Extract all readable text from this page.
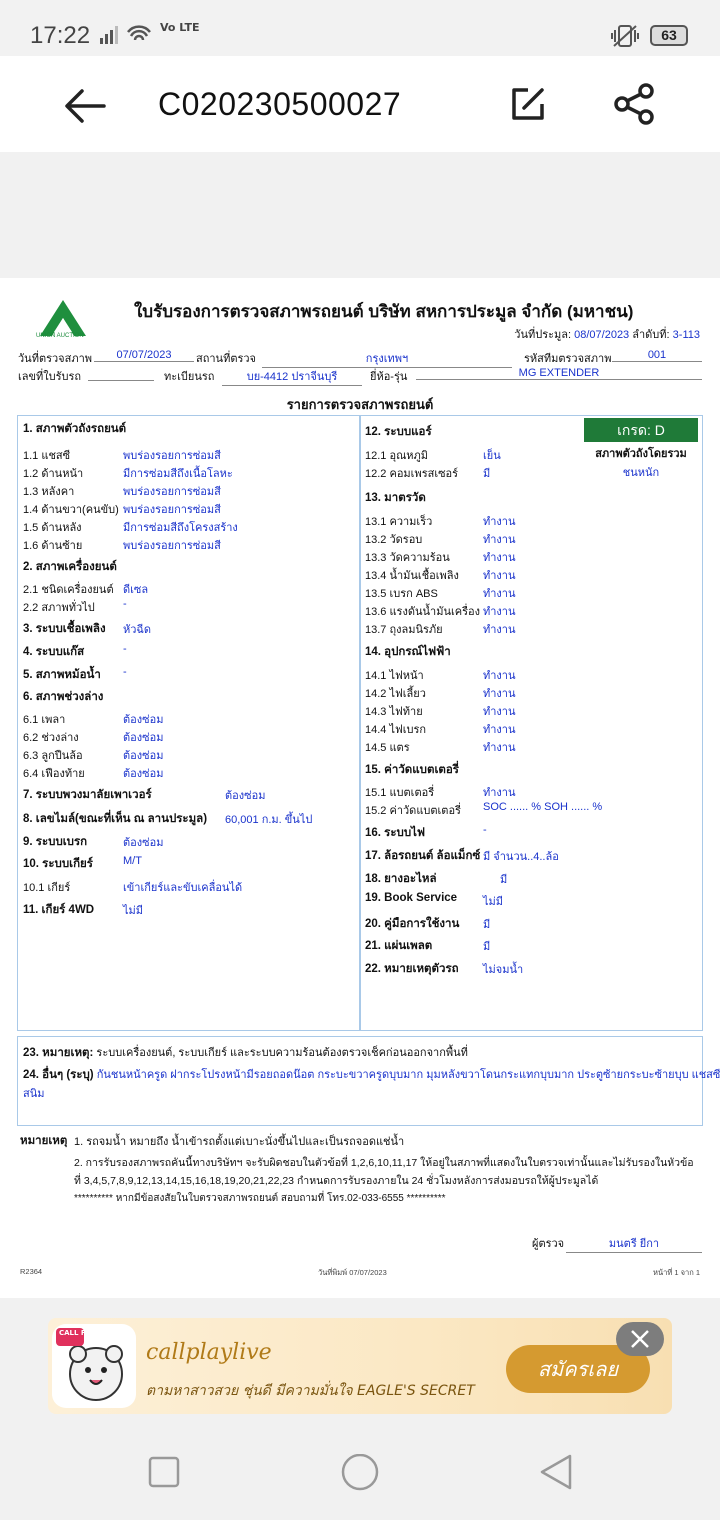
17:22	Vo LTE	63
C020230500027
UNION AUCTION
ใบรับรองการตรวจสภาพรถยนต์ บริษัท สหการประมูล จำกัด (มหาชน)
วันที่ประมูล: 08/07/2023 ลำดับที่: 3-113
วันที่ตรวจสภาพ	07/07/2023	สถานที่ตรวจ	กรุงเทพฯ	รหัสทีมตรวจสภาพ	001
เลขที่ใบรับรถ	ทะเบียนรถ	บย-4412 ปราจีนบุรี	ยี่ห้อ-รุ่น	MG EXTENDER
รายการตรวจสภาพรถยนต์
1. สภาพตัวถังรถยนต์
1.1 แชสซี	พบร่องรอยการซ่อมสี
1.2 ด้านหน้า	มีการซ่อมสีถึงเนื้อโลหะ
1.3 หลังคา	พบร่องรอยการซ่อมสี
1.4 ด้านขวา(คนขับ) พบร่องรอยการซ่อมสี
1.5 ด้านหลัง	มีการซ่อมสีถึงโครงสร้าง
1.6 ด้านซ้าย	พบร่องรอยการซ่อมสี
2. สภาพเครื่องยนต์
2.1 ชนิดเครื่องยนต์ ดีเซล
2.2 สภาพทั่วไป	-
3. ระบบเชื้อเพลิง หัวฉีด
4. ระบบแก๊ส	-
5. สภาพหม้อน้ำ -
6. สภาพช่วงล่าง
6.1 เพลา	ต้องซ่อม
6.2 ช่วงล่าง	ต้องซ่อม
6.3 ลูกปืนล้อ	ต้องซ่อม
6.4 เฟืองท้าย	ต้องซ่อม
7. ระบบพวงมาลัยเพาเวอร์	ต้องซ่อม
8. เลขไมล์(ขณะที่เห็น ณ ลานประมูล) 60,001 ก.ม. ขึ้นไป
9. ระบบเบรก	ต้องซ่อม
10. ระบบเกียร์	M/T
10.1 เกียร์	เข้าเกียร์และขับเคลื่อนได้
11. เกียร์ 4WD	ไม่มี
12. ระบบแอร์
12.1 อุณหภูมิ	เย็น
12.2 คอมเพรสเซอร์ มี
13. มาตรวัด
13.1 ความเร็ว	ทำงาน
13.2 วัดรอบ	ทำงาน
13.3 วัดความร้อน	ทำงาน
13.4 น้ำมันเชื้อเพลิง ทำงาน
13.5 เบรก ABS	ทำงาน
13.6 แรงดันน้ำมันเครื่อง ทำงาน
13.7 ถุงลมนิรภัย	ทำงาน
14. อุปกรณ์ไฟฟ้า
14.1 ไฟหน้า	ทำงาน
14.2 ไฟเลี้ยว	ทำงาน
14.3 ไฟท้าย	ทำงาน
14.4 ไฟเบรก	ทำงาน
14.5 แตร	ทำงาน
15. ค่าวัดแบตเตอรี่
15.1 แบตเตอรี่	ทำงาน
15.2 ค่าวัดแบตเตอรี่ SOC ...... % SOH ...... %
16. ระบบไฟ	-
17. ล้อรถยนต์ ล้อแม็กซ์ มี จำนวน..4..ล้อ
18. ยางอะไหล่	มี
19. Book Service ไม่มี
20. คู่มือการใช้งาน มี
21. แผ่นเพลต	มี
22. หมายเหตุตัวรถ ไม่จมน้ำ
เกรด: D
สภาพตัวถังโดยรวม
ชนหนัก
23. หมายเหตุ: ระบบเครื่องยนต์, ระบบเกียร์ และระบบความร้อนต้องตรวจเช็คก่อนออกจากพื้นที่
24. อื่นๆ (ระบุ) กันชนหน้าครูด ฝากระโปรงหน้ามีรอยถอดน๊อต กระบะขวาครูดบุบมาก มุมหลังขวาโดนกระแทกบุบมาก ประตูซ้ายกระบะซ้ายบุบ แชสซี
สนิม
หมายเหตุ 1. รถจมน้ำ หมายถึง น้ำเข้ารถตั้งแต่เบาะนั่งขึ้นไปและเป็นรถจอดแช่น้ำ
2. การรับรองสภาพรถคันนี้ทางบริษัทฯ จะรับผิดชอบในตัวข้อที่ 1,2,6,10,11,17 ให้อยู่ในสภาพที่แสดงในใบตรวจเท่านั้นและไม่รับรองในหัวข้อ
ที่ 3,4,5,7,8,9,12,13,14,15,16,18,19,20,21,22,23 กำหนดการรับรองภายใน 24 ชั่วโมงหลังการส่งมอบรถให้ผู้ประมูลได้
********** หากมีข้อสงสัยในใบตรวจสภาพรถยนต์ สอบถามที่ โทร.02-033-6555 **********
ผู้ตรวจ	มนตรี ยีกา
R2364	วันที่พิมพ์ 07/07/2023	หน้าที่ 1 จาก 1
CALL PLAY
callplaylive
ตามหาสาวสวย ชุ่นดี มีความมั่นใจ EAGLE'S SECRET
สมัครเลย
